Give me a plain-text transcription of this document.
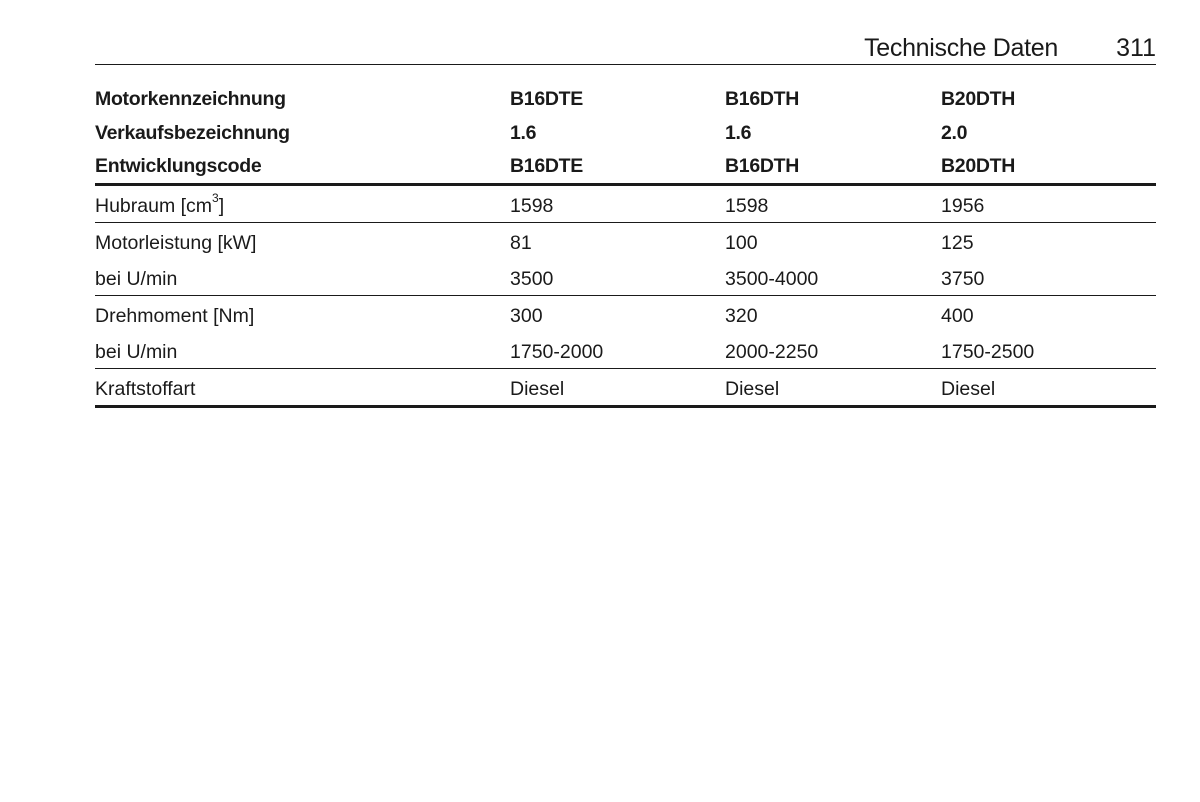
Technische Daten 311
Motorkennzeichnung	B16DTE	B16DTH	B20DTH
Verkaufsbezeichnung	1.6	1.6	2.0
Entwicklungscode	B16DTE	B16DTH	B20DTH
Hubraum $[cm^3]$	1598	1598	1956
Motorleistung [kW]	81	100	125
bei U/min	3500	3500-4000	3750
Drehmoment [Nm]	300	320	400
bei U/min	1750-2000	2000-2250	1750-2500
Kraftstoffart	Diesel	Diesel	Diesel
